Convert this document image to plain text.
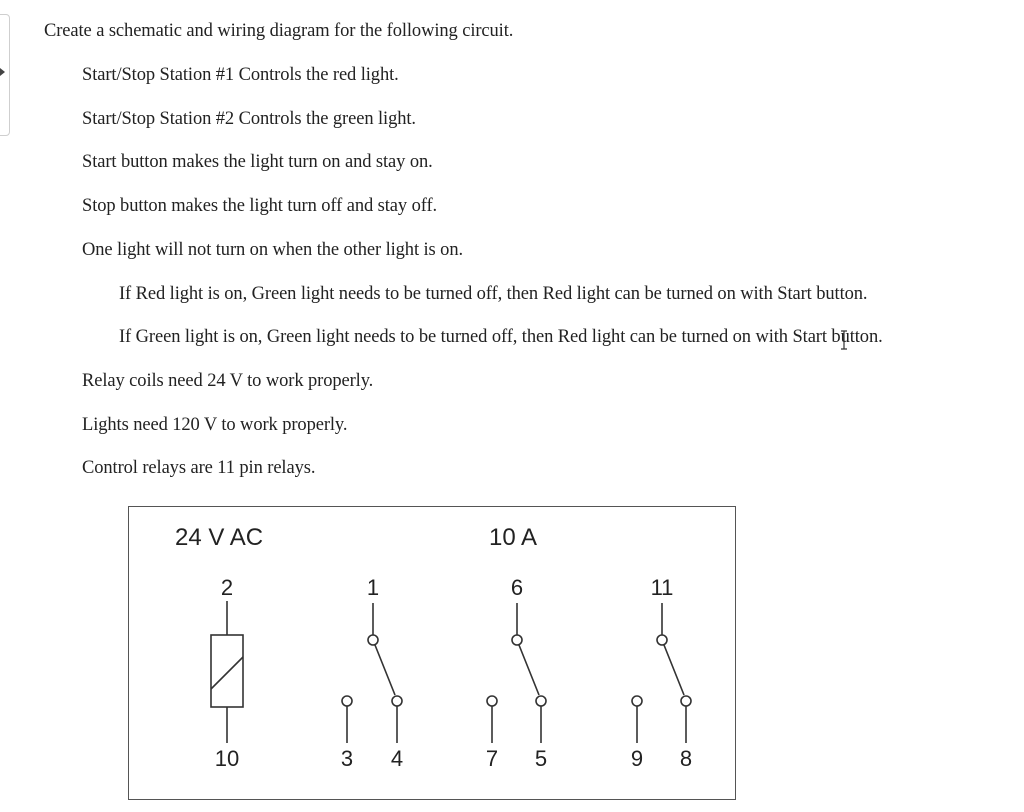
Create a schematic and wiring diagram for the following circuit.
Start/Stop Station #1 Controls the red light.
Start/Stop Station #2 Controls the green light.
Start button makes the light turn on and stay on.
Stop button makes the light turn off and stay off.
One light will not turn on when the other light is on.
If Red light is on, Green light needs to be turned off, then Red light can be turned on with Start button.
If Green light is on, Green light needs to be turned off, then Red light can be turned on with Start button.
Relay coils need 24 V to work properly.
Lights need 120 V to work properly.
Control relays are 11 pin relays.
24 V AC	10 A
2
10
1
3 4
6
7 5
11
9 8
